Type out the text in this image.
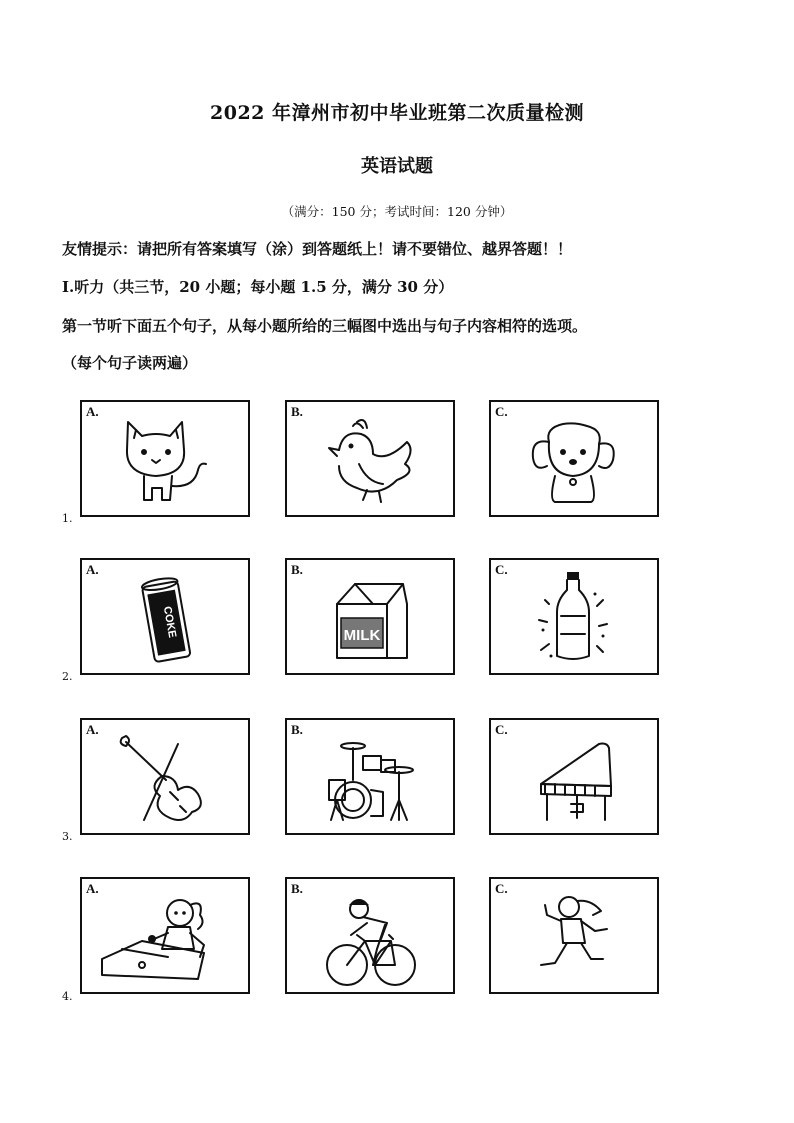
2022 年漳州市初中毕业班第二次质量检测
英语试题
（满分：150 分；考试时间：120 分钟）
友情提示：请把所有答案填写（涂）到答题纸上！请不要错位、越界答题！！
I.听力（共三节，20 小题；每小题 1.5 分，满分 30 分）
第一节听下面五个句子，从每小题所给的三幅图中选出与句子内容相符的选项。
（每个句子读两遍）
1.
A.	B.	C.
2.
A.
COKE
B.
MILK
C.
3.
A.	B.	C.
4.
A.	B.	C.
